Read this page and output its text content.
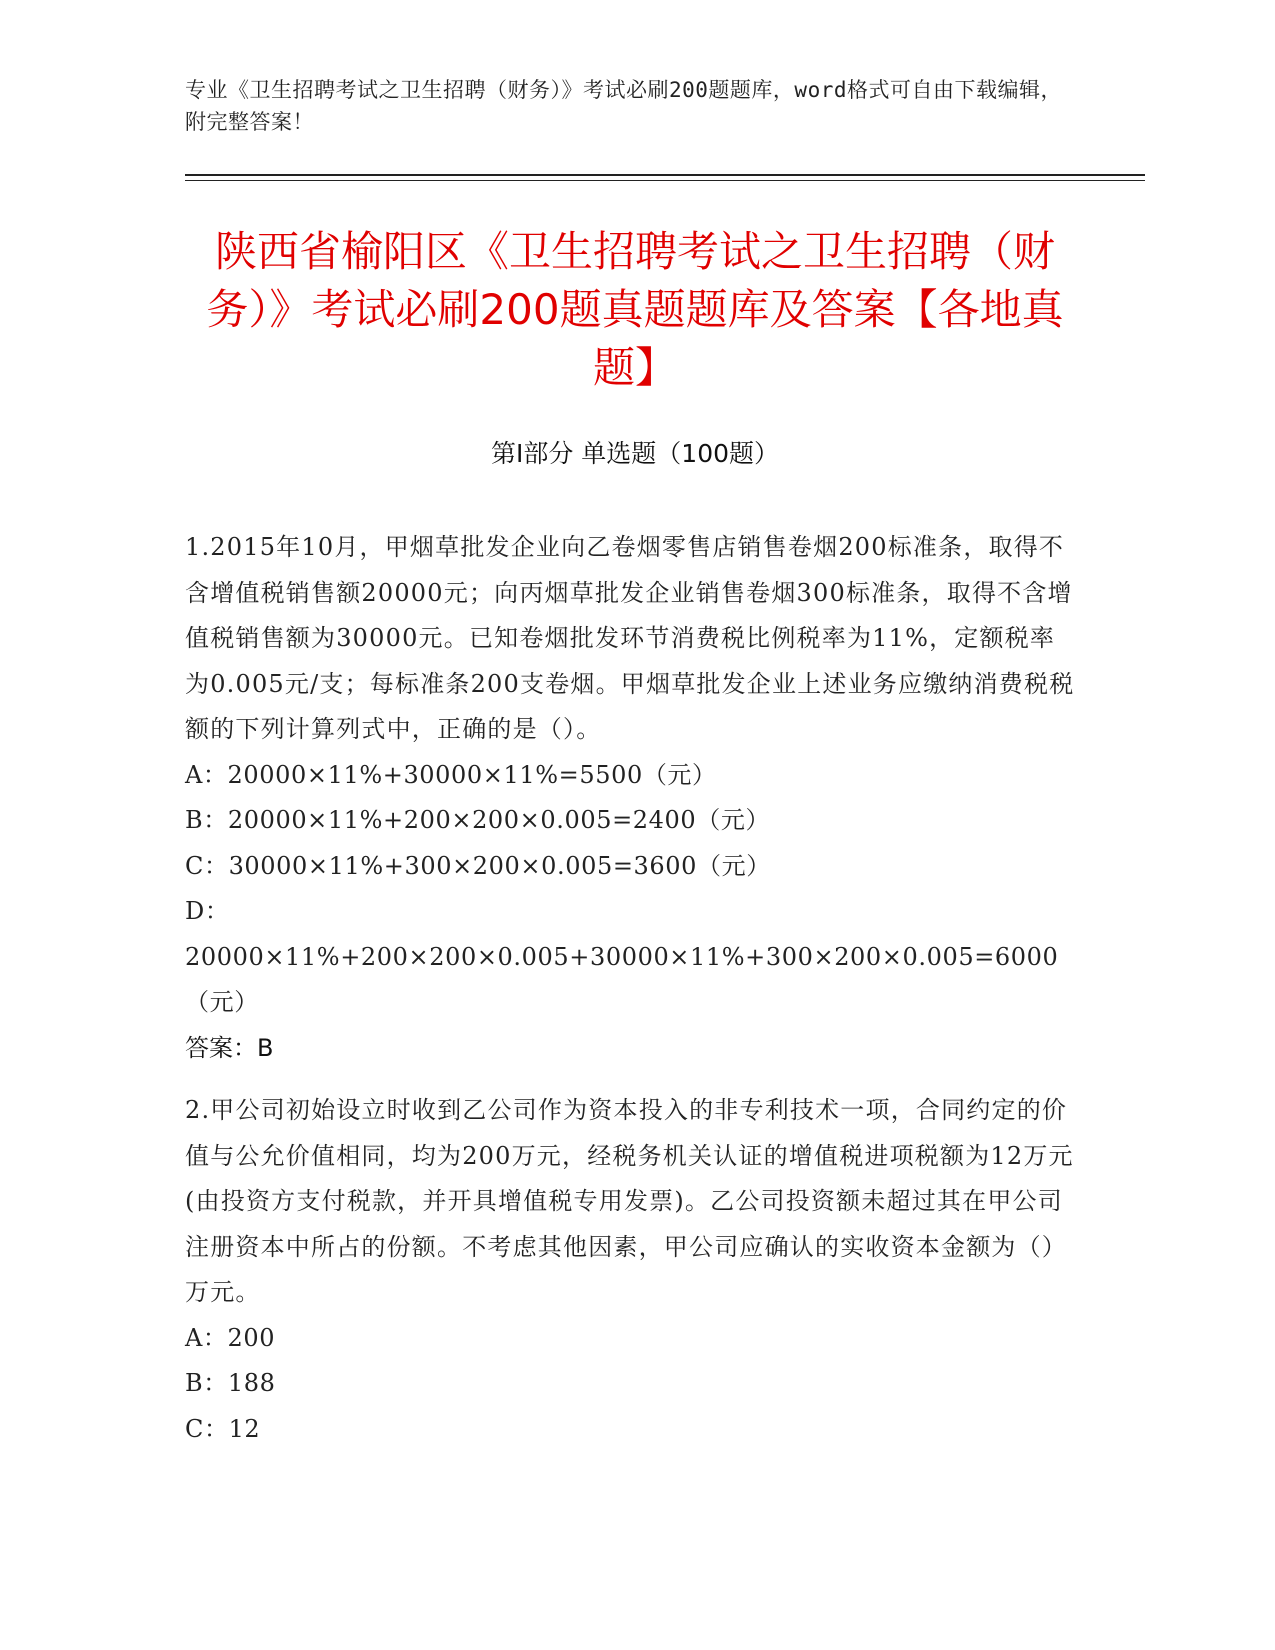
专业《卫生招聘考试之卫生招聘（财务）》考试必刷200题题库，word格式可自由下载编辑，附完整答案！
陕西省榆阳区《卫生招聘考试之卫生招聘（财务）》考试必刷200题真题题库及答案【各地真题】
第I部分 单选题（100题）
1.2015年10月，甲烟草批发企业向乙卷烟零售店销售卷烟200标准条，取得不含增值税销售额20000元；向丙烟草批发企业销售卷烟300标准条，取得不含增值税销售额为30000元。已知卷烟批发环节消费税比例税率为11%，定额税率为0.005元/支；每标准条200支卷烟。甲烟草批发企业上述业务应缴纳消费税税额的下列计算列式中，正确的是（）。
A：20000×11%+30000×11%=5500（元）
B：20000×11%+200×200×0.005=2400（元）
C：30000×11%+300×200×0.005=3600（元）
D：20000×11%+200×200×0.005+30000×11%+300×200×0.005=6000（元）
答案：B
2.甲公司初始设立时收到乙公司作为资本投入的非专利技术一项，合同约定的价值与公允价值相同，均为200万元，经税务机关认证的增值税进项税额为12万元(由投资方支付税款，并开具增值税专用发票)。乙公司投资额未超过其在甲公司注册资本中所占的份额。不考虑其他因素，甲公司应确认的实收资本金额为（）万元。
A：200
B：188
C：12
